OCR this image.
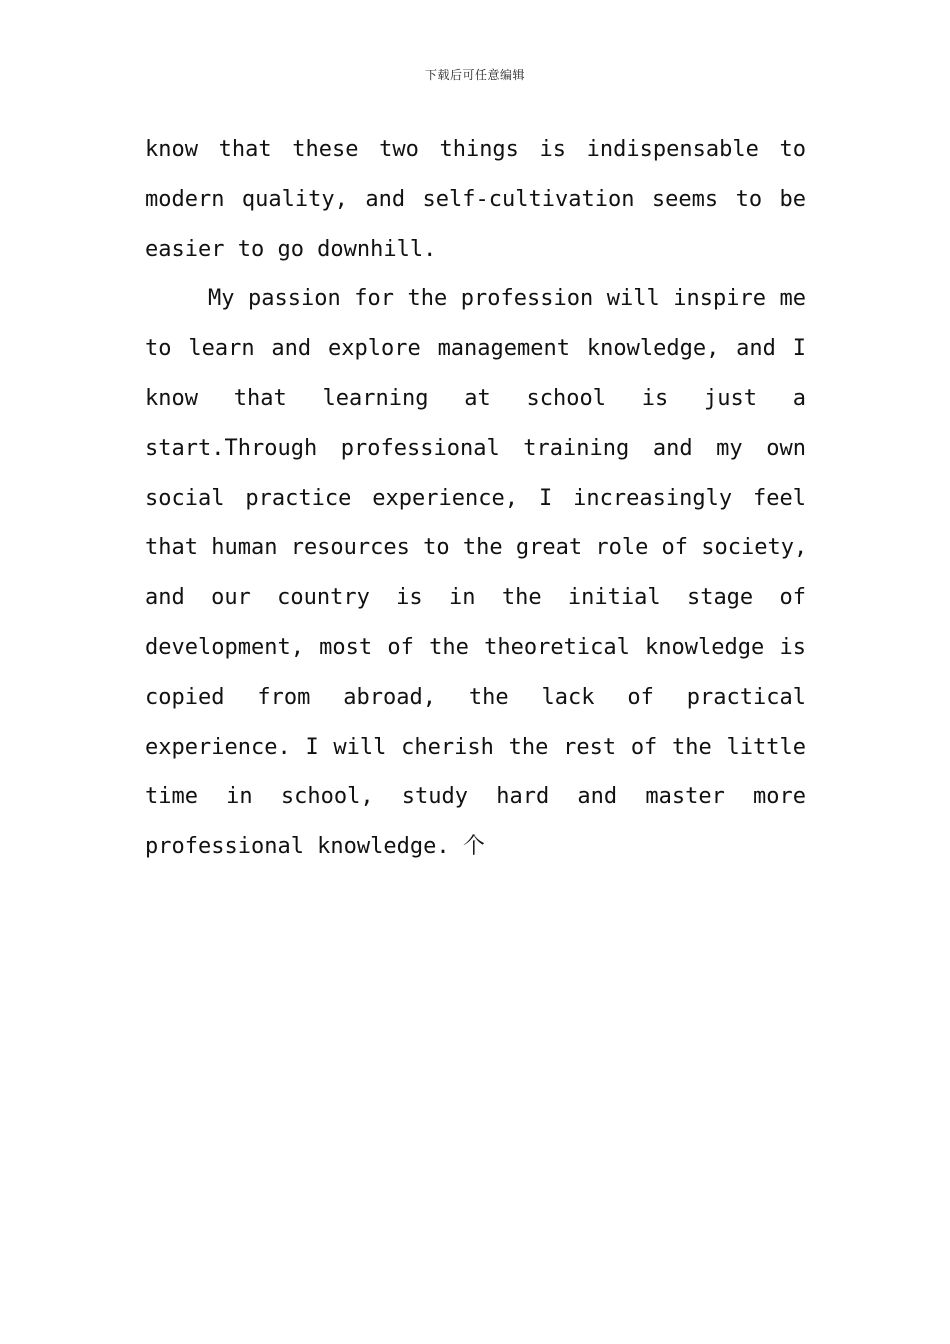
下载后可任意编辑
know that these two things is indispensable to
modern quality, and self-cultivation seems to be
easier to go downhill.
My passion for the profession will inspire me
to learn and explore management knowledge, and I
know that learning at school is just a
start.Through professional training and my own
social practice experience, I increasingly feel
that human resources to the great role of society,
and our country is in the initial stage of
development, most of the theoretical knowledge is
copied from abroad, the lack of practical
experience. I will cherish the rest of the little
time in school, study hard and master more
professional knowledge. 个
